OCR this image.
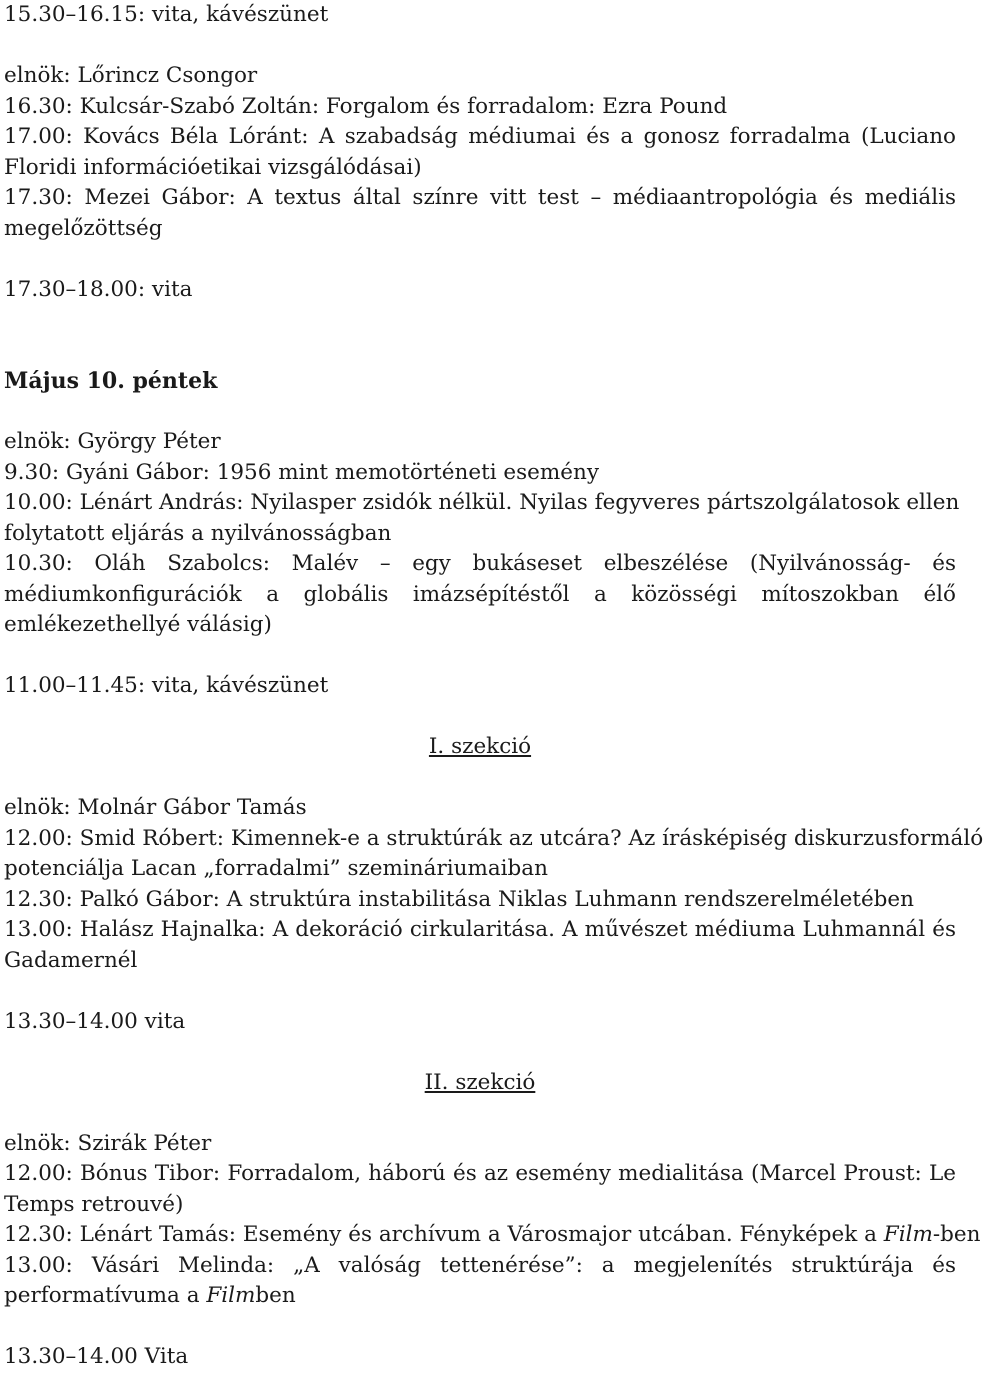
15.30–16.15: vita, kávészünet
elnök: Lőrincz Csongor
16.30: Kulcsár-Szabó Zoltán: Forgalom és forradalom: Ezra Pound
17.00: Kovács Béla Lóránt: A szabadság médiumai és a gonosz forradalma (Luciano
Floridi információetikai vizsgálódásai)
17.30: Mezei Gábor: A textus által színre vitt test – médiaantropológia és mediális
megelőzöttség
17.30–18.00: vita
Május 10. péntek
elnök: György Péter
9.30: Gyáni Gábor: 1956 mint memotörténeti esemény
10.00: Lénárt András: Nyilasper zsidók nélkül. Nyilas fegyveres pártszolgálatosok ellen
folytatott eljárás a nyilvánosságban
10.30: Oláh Szabolcs: Malév – egy bukáseset elbeszélése (Nyilvánosság- és
médiumkonfigurációk a globális imázsépítéstől a közösségi mítoszokban élő
emlékezethellyé válásig)
11.00–11.45: vita, kávészünet
I. szekció
elnök: Molnár Gábor Tamás
12.00: Smid Róbert: Kimennek-e a struktúrák az utcára? Az írásképiség diskurzusformáló
potenciálja Lacan „forradalmi” szemináriumaiban
12.30: Palkó Gábor: A struktúra instabilitása Niklas Luhmann rendszerelméletében
13.00: Halász Hajnalka: A dekoráció cirkularitása. A művészet médiuma Luhmannál és
Gadamernél
13.30–14.00 vita
II. szekció
elnök: Szirák Péter
12.00: Bónus Tibor: Forradalom, háború és az esemény medialitása (Marcel Proust: Le
Temps retrouvé)
12.30: Lénárt Tamás: Esemény és archívum a Városmajor utcában. Fényképek a Film-ben
13.00: Vásári Melinda: „A valóság tettenérése”: a megjelenítés struktúrája és
performatívuma a Filmben
13.30–14.00 Vita
